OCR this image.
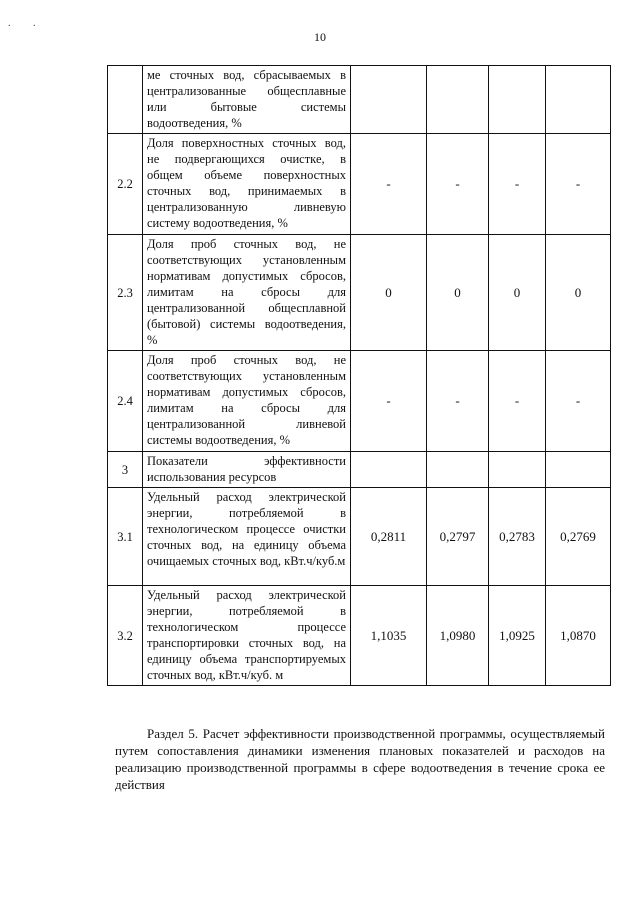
. .
10
	ме сточных вод, сбрасываемых в централизованные общесплавные или бытовые системы водоотведения, %				
2.2	Доля поверхностных сточных вод, не подвергающихся очистке, в общем объеме поверхностных сточных вод, принимаемых в централизованную ливневую систему водоотведения, %	-	-	-	-
2.3	Доля проб сточных вод, не соответствующих установленным нормативам допустимых сбросов, лимитам на сбросы для централизованной общесплавной (бытовой) системы водоотведения, %	0	0	0	0
2.4	Доля проб сточных вод, не соответствующих установленным нормативам допустимых сбросов, лимитам на сбросы для централизованной ливневой системы водоотведения, %	-	-	-	-
3	Показатели эффективности использования ресурсов				
3.1	Удельный расход электрической энергии, потребляемой в технологическом процессе очистки сточных вод, на единицу объема очищаемых сточных вод, кВт.ч/куб.м	0,2811	0,2797	0,2783	0,2769
3.2	Удельный расход электрической энергии, потребляемой в технологическом процессе транспортировки сточных вод, на единицу объема транспортируемых сточных вод, кВт.ч/куб. м	1,1035	1,0980	1,0925	1,0870

Раздел 5. Расчет эффективности производственной программы, осуществляемый путем сопоставления динамики изменения плановых показателей и расходов на реализацию производственной программы в сфере водоотведения в течение срока ее действия
